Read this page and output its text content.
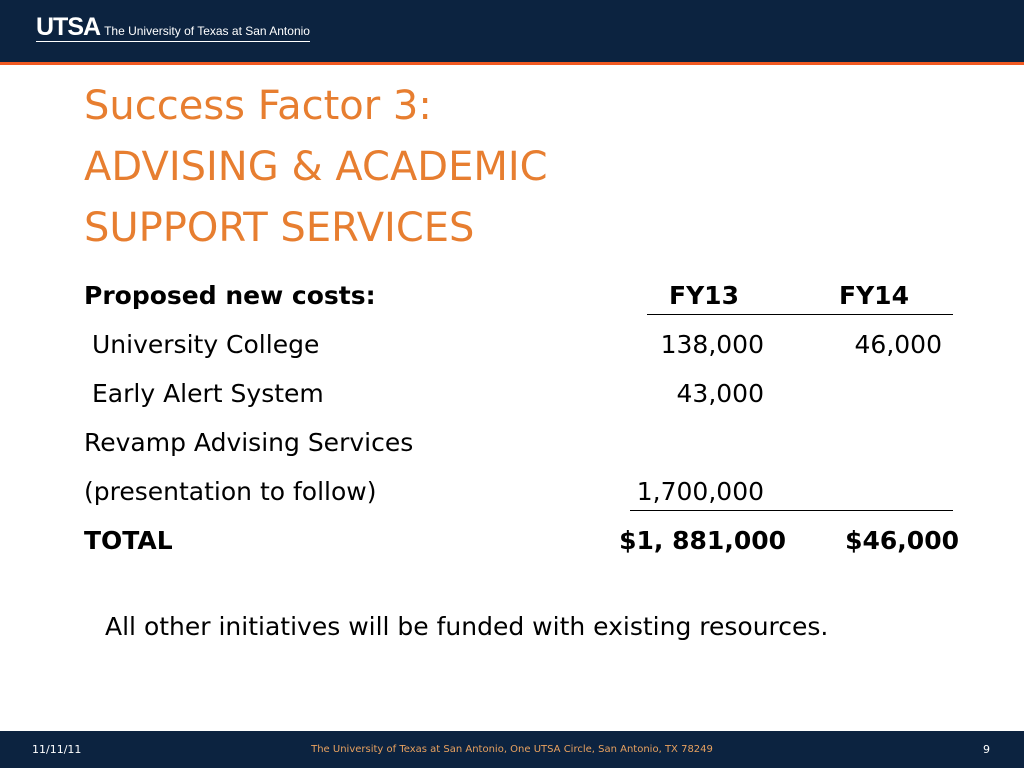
UTSA The University of Texas at San Antonio
Success Factor 3:
ADVISING & ACADEMIC
SUPPORT SERVICES
Proposed new costs:	FY13	FY14
University College	138,000	46,000
Early Alert System	43,000
Revamp Advising Services
(presentation to follow)	1,700,000
TOTAL	$1, 881,000 $46,000
All other initiatives will be funded with existing resources.
11/11/11	The University of Texas at San Antonio, One UTSA Circle, San Antonio, TX 78249	9
